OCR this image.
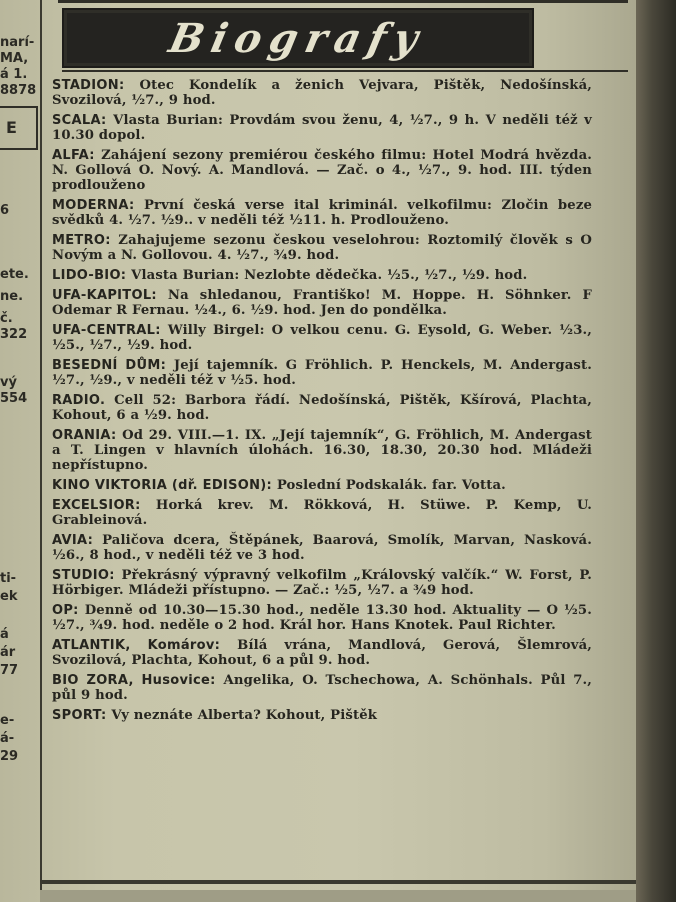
narí-
MA,
á 1.
8878
E
6
ete.
ne.
č.
322
vý
554
ti-
ek
á
ár
77
e-
á-
29
Biografy

STADION: Otec Kondelík a ženich Vejvara, Pištěk, Nedošínská, Svozilová, ½7., 9 hod.

SCALA: Vlasta Burian: Provdám svou ženu, 4, ½7., 9 h. V neděli též v 10.30 dopol.

ALFA: Zahájení sezony premiérou českého filmu: Hotel Modrá hvězda. N. Gollová O. Nový. A. Mandlová. — Zač. o 4., ½7., 9. hod. III. týden prodlouženo

MODERNA: První česká verse ital kriminál. velkofilmu: Zločin beze svědků 4. ½7. ½9.. v neděli též ½11. h. Prodlouženo.

METRO: Zahajujeme sezonu českou veselohrou: Roztomilý člověk s O Novým a N. Gollovou. 4. ½7., ¾9. hod.

LIDO-BIO: Vlasta Burian: Nezlobte dědečka. ½5., ½7., ½9. hod.

UFA-KAPITOL: Na shledanou, Františko! M. Hoppe. H. Söhnker. F Odemar R Fernau. ½4., 6. ½9. hod. Jen do pondělka.

UFA-CENTRAL: Willy Birgel: O velkou cenu. G. Eysold, G. Weber. ½3., ½5., ½7., ½9. hod.

BESEDNÍ DŮM: Její tajemník. G Fröhlich. P. Henckels, M. Andergast. ½7., ½9., v neděli též v ½5. hod.

RADIO. Cell 52: Barbora řádí. Nedošínská, Pištěk, Kšírová, Plachta, Kohout, 6 a ½9. hod.

ORANIA: Od 29. VIII.—1. IX. „Její tajemník“, G. Fröhlich, M. Andergast a T. Lingen v hlavních úlohách. 16.30, 18.30, 20.30 hod. Mládeži nepřístupno.

KINO VIKTORIA (dř. EDISON): Poslední Podskalák. far. Votta.

EXCELSIOR: Horká krev. M. Rökková, H. Stüwe. P. Kemp, U. Grableinová.

AVIA: Paličova dcera, Štěpánek, Baarová, Smolík, Marvan, Nasková. ½6., 8 hod., v neděli též ve 3 hod.

STUDIO: Překrásný výpravný velkofilm „Královský valčík.“ W. Forst, P. Hörbiger. Mládeži přístupno. — Zač.: ½5, ½7. a ¾9 hod.

OP: Denně od 10.30—15.30 hod., neděle 13.30 hod. Aktuality — O ½5. ½7., ¾9. hod. neděle o 2 hod. Král hor. Hans Knotek. Paul Richter.

ATLANTIK, Komárov: Bílá vrána, Mandlová, Gerová, Šlemrová, Svozilová, Plachta, Kohout, 6 a půl 9. hod.

BIO ZORA, Husovice: Angelika, O. Tschechowa, A. Schönhals. Půl 7., půl 9 hod.

SPORT: Vy neznáte Alberta? Kohout, Pištěk
